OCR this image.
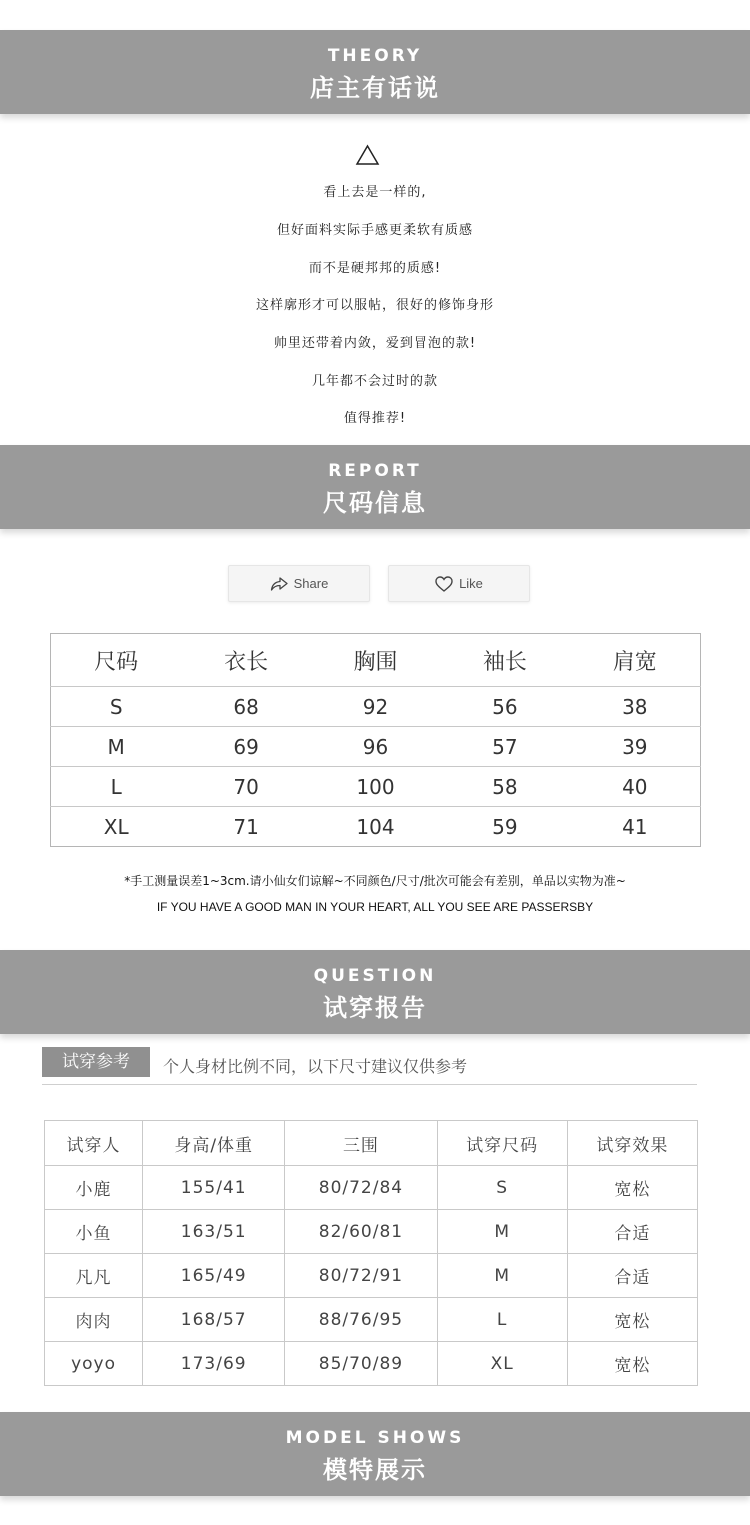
THEORY
店主有话说
看上去是一样的,
但好面料实际手感更柔软有质感
而不是硬邦邦的质感!
这样廓形才可以服帖，很好的修饰身形
帅里还带着内敛，爱到冒泡的款!
几年都不会过时的款
值得推荐!
REPORT
尺码信息
Share	Like
尺码	衣长	胸围	袖长	肩宽
S	68	92	56	38
M	69	96	57	39
L	70	100	58	40
XL	71	104	59	41
*手工测量误差1~3cm.请小仙女们谅解~不同颜色/尺寸/批次可能会有差别，单品以实物为准~
IF YOU HAVE A GOOD MAN IN YOUR HEART, ALL YOU SEE ARE PASSERSBY
QUESTION
试穿报告
试穿参考	个人身材比例不同，以下尺寸建议仅供参考
试穿人	身高/体重	三围	试穿尺码	试穿效果
小鹿	155/41	80/72/84	S	宽松
小鱼	163/51	82/60/81	M	合适
凡凡	165/49	80/72/91	M	合适
肉肉	168/57	88/76/95	L	宽松
yoyo	173/69	85/70/89	XL	宽松
MODEL SHOWS
模特展示
